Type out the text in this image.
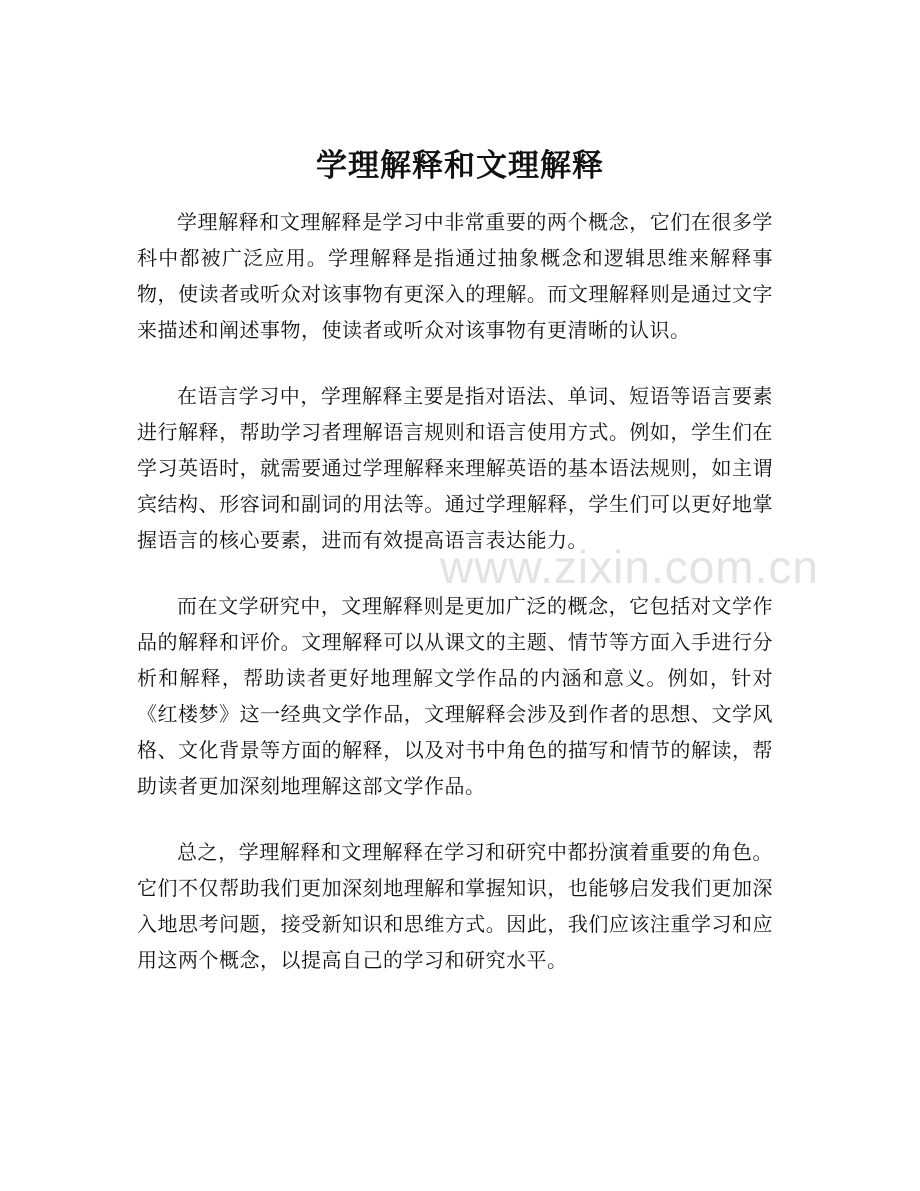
www.zixin.com.cn
学理解释和文理解释

学理解释和文理解释是学习中非常重要的两个概念，它们在很多学科中都被广泛应用。学理解释是指通过抽象概念和逻辑思维来解释事物，使读者或听众对该事物有更深入的理解。而文理解释则是通过文字来描述和阐述事物，使读者或听众对该事物有更清晰的认识。

在语言学习中，学理解释主要是指对语法、单词、短语等语言要素进行解释，帮助学习者理解语言规则和语言使用方式。例如，学生们在学习英语时，就需要通过学理解释来理解英语的基本语法规则，如主谓宾结构、形容词和副词的用法等。通过学理解释，学生们可以更好地掌握语言的核心要素，进而有效提高语言表达能力。

而在文学研究中，文理解释则是更加广泛的概念，它包括对文学作品的解释和评价。文理解释可以从课文的主题、情节等方面入手进行分析和解释，帮助读者更好地理解文学作品的内涵和意义。例如，针对《红楼梦》这一经典文学作品，文理解释会涉及到作者的思想、文学风格、文化背景等方面的解释，以及对书中角色的描写和情节的解读，帮助读者更加深刻地理解这部文学作品。

总之，学理解释和文理解释在学习和研究中都扮演着重要的角色。它们不仅帮助我们更加深刻地理解和掌握知识，也能够启发我们更加深入地思考问题，接受新知识和思维方式。因此，我们应该注重学习和应用这两个概念，以提高自己的学习和研究水平。
